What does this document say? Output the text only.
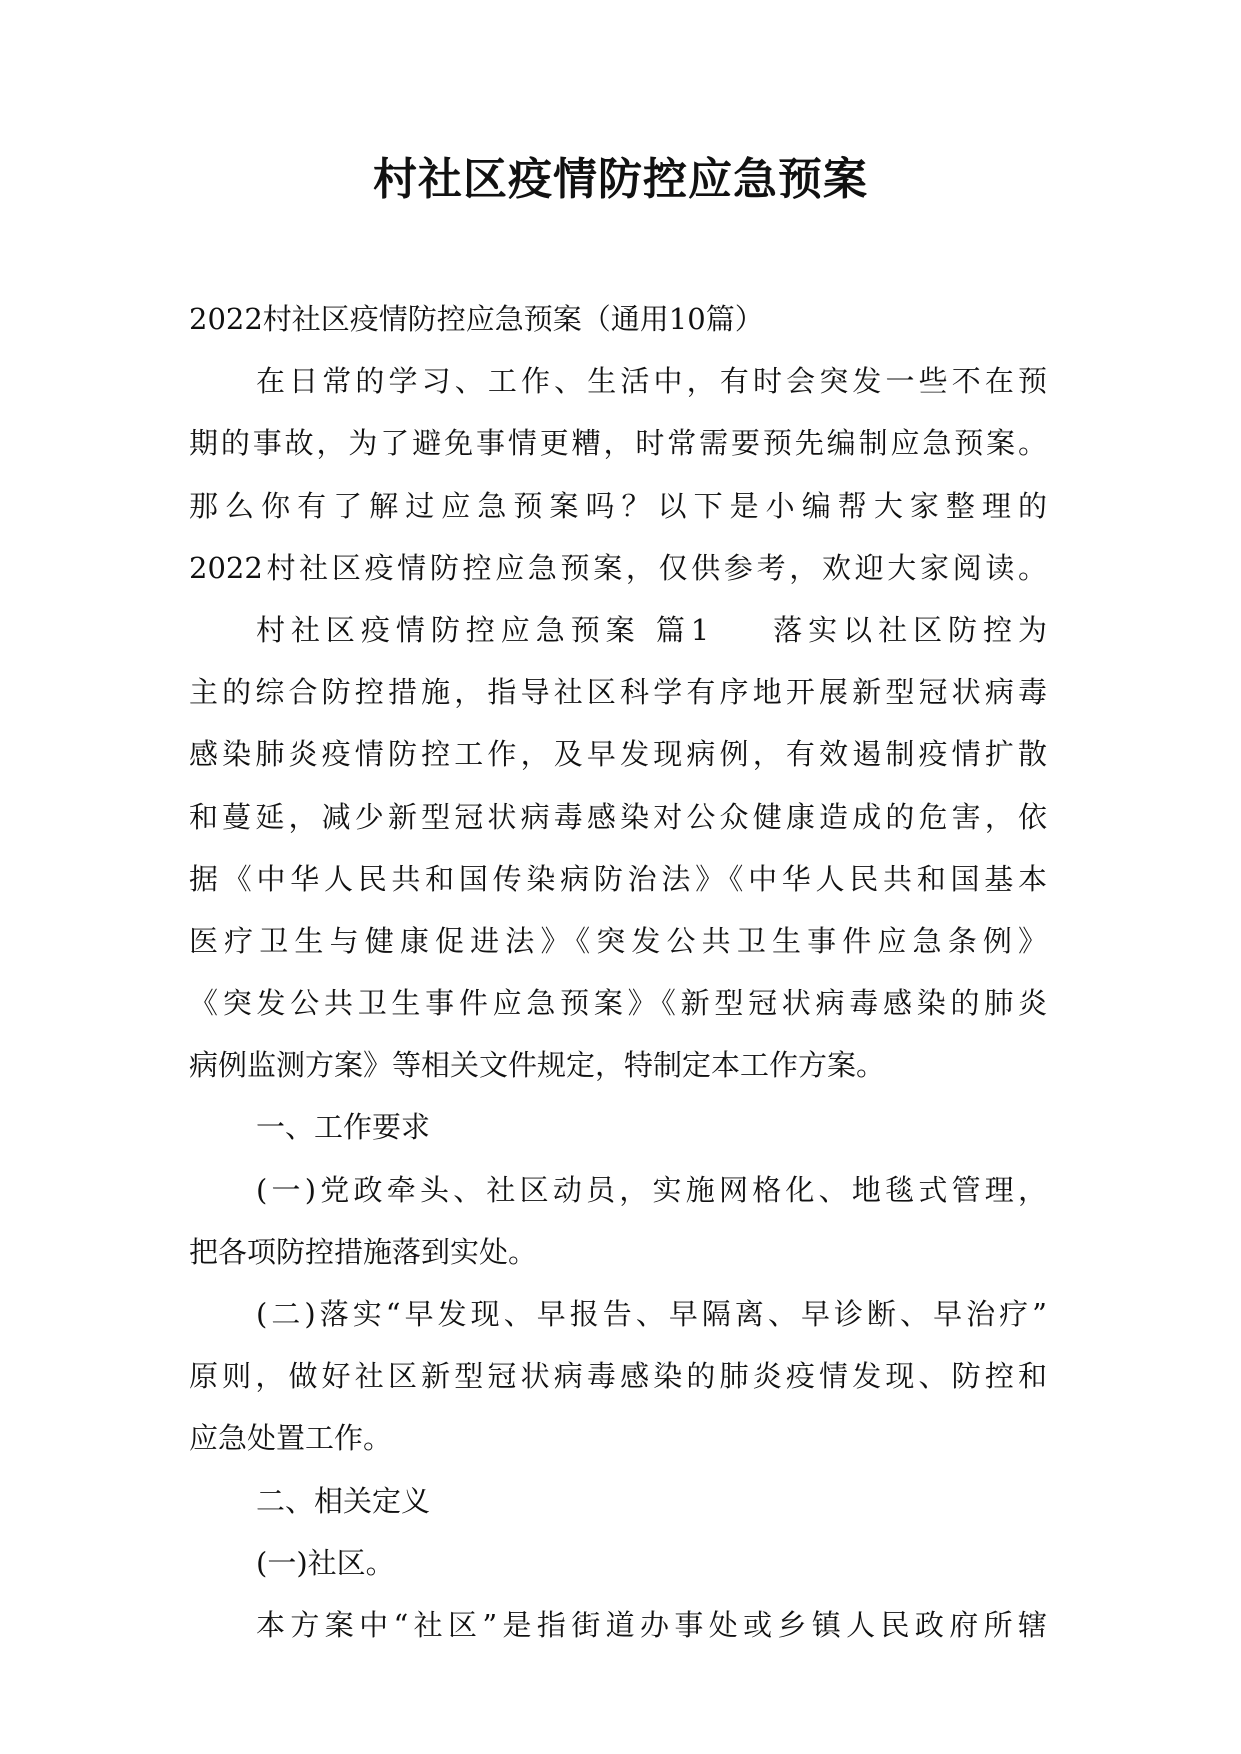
村社区疫情防控应急预案
2022村社区疫情防控应急预案（通用10篇）
在日常的学习、工作、生活中，有时会突发一些不在预
期的事故，为了避免事情更糟，时常需要预先编制应急预案。
那么你有了解过应急预案吗？以下是小编帮大家整理的
2022村社区疫情防控应急预案，仅供参考，欢迎大家阅读。
村社区疫情防控应急预案 篇1 落实以社区防控为
主的综合防控措施，指导社区科学有序地开展新型冠状病毒
感染肺炎疫情防控工作，及早发现病例，有效遏制疫情扩散
和蔓延，减少新型冠状病毒感染对公众健康造成的危害，依
据《中华人民共和国传染病防治法》《中华人民共和国基本
医疗卫生与健康促进法》《突发公共卫生事件应急条例》
《突发公共卫生事件应急预案》《新型冠状病毒感染的肺炎
病例监测方案》等相关文件规定，特制定本工作方案。
一、工作要求
(一)党政牵头、社区动员，实施网格化、地毯式管理，
把各项防控措施落到实处。
(二)落实“早发现、早报告、早隔离、早诊断、早治疗”
原则，做好社区新型冠状病毒感染的肺炎疫情发现、防控和
应急处置工作。
二、相关定义
(一)社区。
本方案中“社区”是指街道办事处或乡镇人民政府所辖
